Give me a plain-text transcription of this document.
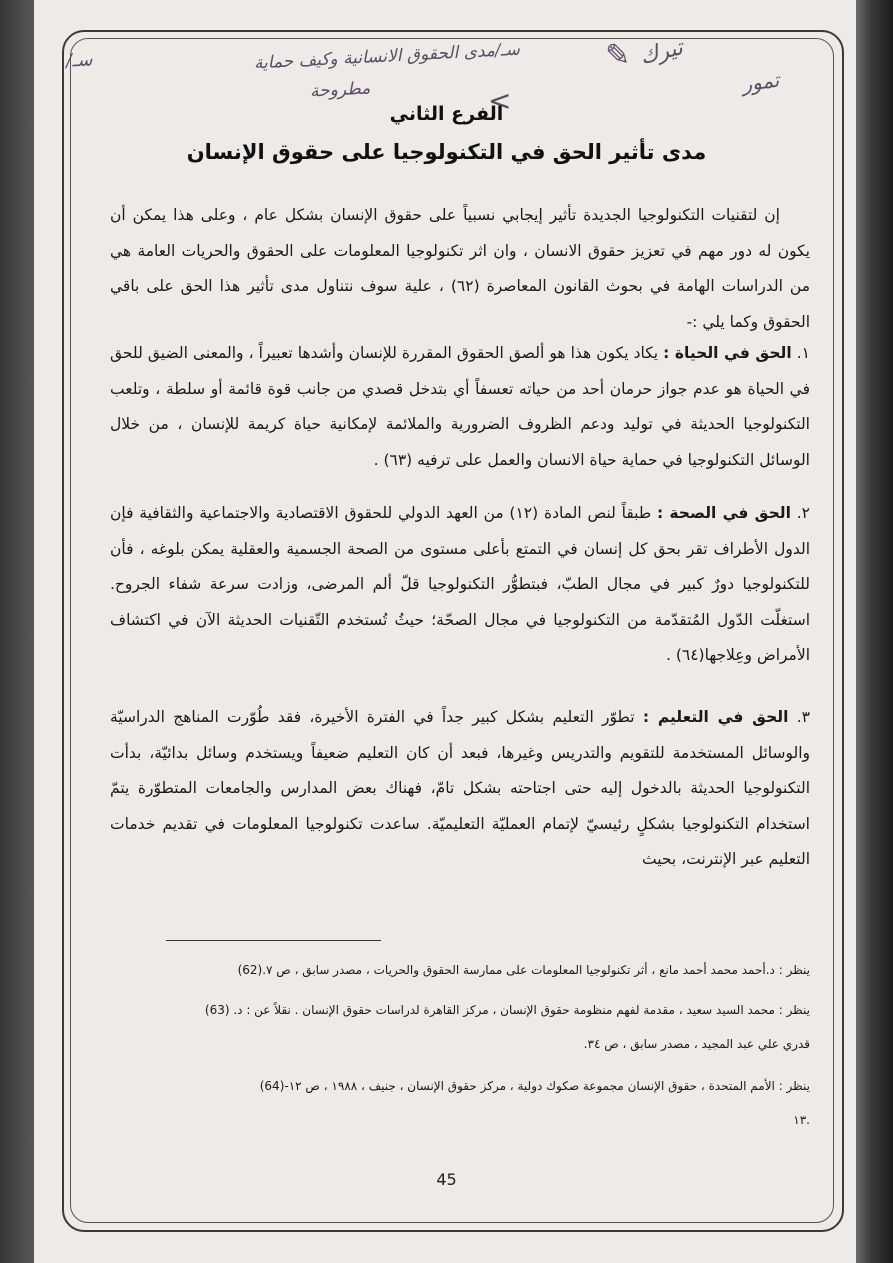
سـ/مدى الحقوق الانسانية وكيف حماية
مطروحة
سـ/	تيرك
تمور
<
✎
الفرع الثاني
مدى تأثير الحق في التكنولوجيا على حقوق الإنسان
إن لتقنيات التكنولوجيا الجديدة تأثير إيجابي نسبياً على حقوق الإنسان بشكل عام ، وعلى هذا يمكن أن يكون له دور مهم في تعزيز حقوق الانسان ، وان اثر تكنولوجيا المعلومات على الحقوق والحريات العامة هي من الدراسات الهامة في بحوث القانون المعاصرة (٦٢) ، علية سوف نتناول مدى تأثير هذا الحق على باقي الحقوق وكما يلي :-
١. الحق في الحياة : يكاد يكون هذا هو ألصق الحقوق المقررة للإنسان وأشدها تعبيراً ، والمعنى الضيق للحق في الحياة هو عدم جواز حرمان أحد من حياته تعسفاً أي بتدخل قصدي من جانب قوة قائمة أو سلطة ، وتلعب التكنولوجيا الحديثة في توليد ودعم الظروف الضرورية والملائمة لإمكانية حياة كريمة للإنسان ، من خلال الوسائل التكنولوجيا في حماية حياة الانسان والعمل على ترفيه (٦٣) .
٢. الحق في الصحة : طبقاً لنص المادة (١٢) من العهد الدولي للحقوق الاقتصادية والاجتماعية والثقافية فإن الدول الأطراف تقر بحق كل إنسان في التمتع بأعلى مستوى من الصحة الجسمية والعقلية يمكن بلوغه ، فأن للتكنولوجيا دورٌ كبير في مجال الطبّ، فبتطوُّر التكنولوجيا قلّ ألم المرضى، وزادت سرعة شفاء الجروح. استغلّت الدّول المُتقدّمة من التكنولوجيا في مجال الصحّة؛ حيثُ تُستخدم التّقنيات الحديثة الآن في اكتشاف الأمراض وعِلاجها(٦٤) .
٣. الحق في التعليم : تطوّر التعليم بشكل كبير جداً في الفترة الأخيرة، فقد طُوّرت المناهج الدراسيّة والوسائل المستخدمة للتقويم والتدريس وغيرها، فبعد أن كان التعليم ضعيفاً ويستخدم وسائل بدائيّة، بدأت التكنولوجيا الحديثة بالدخول إليه حتى اجتاحته بشكل تامّ، فهناك بعض المدارس والجامعات المتطوّرة يتمّ استخدام التكنولوجيا بشكلٍ رئيسيّ لإتمام العمليّة التعليميّة. ساعدت تكنولوجيا المعلومات في تقديم خدمات التعليم عبر الإنترنت، بحيث
ينظر : د.أحمد محمد أحمد مانع ، أثر تكنولوجيا المعلومات على ممارسة الحقوق والحريات ، مصدر سابق ، ص ٧.(62)
ينظر : محمد السيد سعيد ، مقدمة لفهم منظومة حقوق الإنسان ، مركز القاهرة لدراسات حقوق الإنسان . نقلاً عن : د. (63)
قدري علي عبد المجيد ، مصدر سابق ، ص ٣٤.
ينظر : الأمم المتحدة ، حقوق الإنسان مجموعة صكوك دولية ، مركز حقوق الإنسان ، جنيف ، ١٩٨٨ ، ص ١٢-(64)
.١٣
45
